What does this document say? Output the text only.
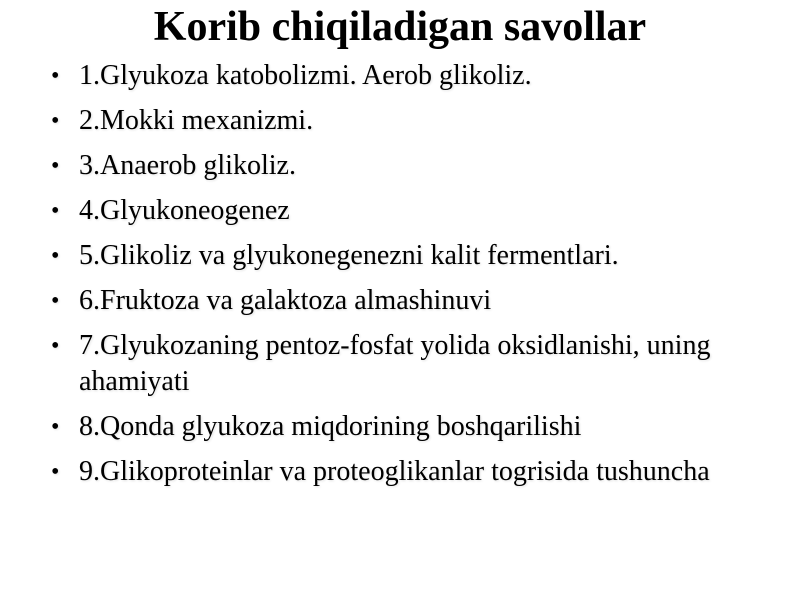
Korib chiqiladigan savollar
• 1.Glyukoza katobolizmi. Aerob glikoliz.
• 2.Mokki mexanizmi.
• 3.Anaerob glikoliz.
• 4.Glyukoneogenez
• 5.Glikoliz va glyukonegenezni kalit fermentlari.
• 6.Fruktoza va galaktoza almashinuvi
• 7.Glyukozaning pentoz-fosfat yolida oksidlanishi, uning ahamiyati
• 8.Qonda glyukoza miqdorining boshqarilishi
• 9.Glikoproteinlar va proteoglikanlar togrisida tushuncha
